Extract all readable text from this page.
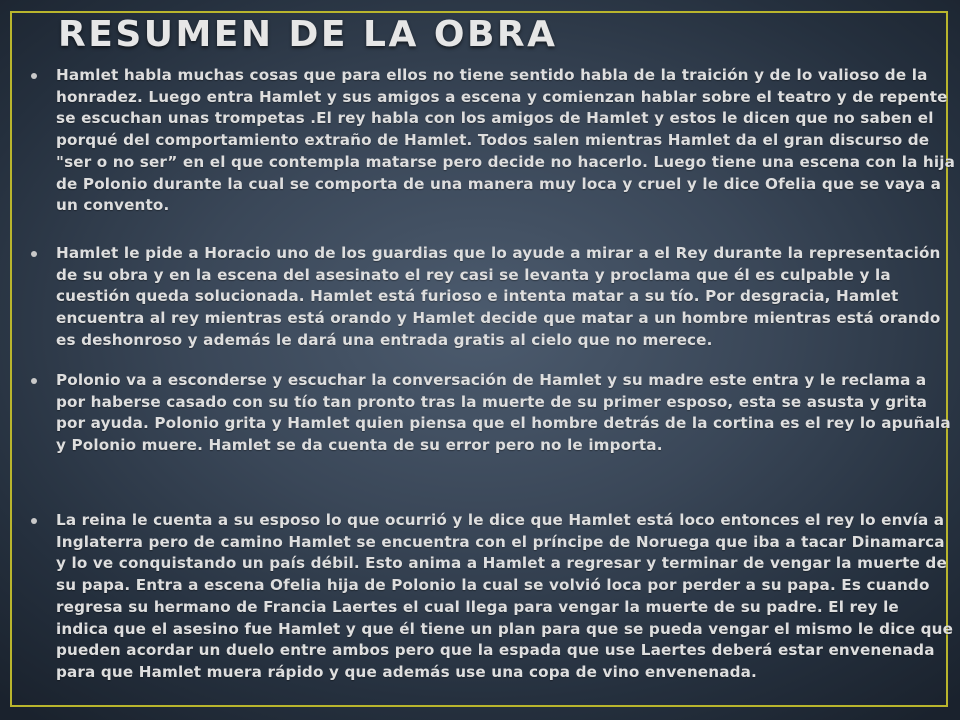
RESUMEN DE LA OBRA

Hamlet habla muchas cosas que para ellos no tiene sentido habla de la traición y de lo valioso de la honradez. Luego entra Hamlet y sus amigos a escena y comienzan hablar sobre el teatro y de repente se escuchan unas trompetas .El rey habla con los amigos de Hamlet y estos le dicen que no saben el porqué del comportamiento extraño de Hamlet. Todos salen mientras Hamlet da el gran discurso de "ser o no ser” en el que contempla matarse pero decide no hacerlo. Luego tiene una escena con la hija de Polonio durante la cual se comporta de una manera muy loca y cruel y le dice Ofelia que se vaya a un convento.

Hamlet le pide a Horacio uno de los guardias que lo ayude a mirar a el Rey durante la representación de su obra y en la escena del asesinato el rey casi se levanta y proclama que él es culpable y la cuestión queda solucionada. Hamlet está furioso e intenta matar a su tío. Por desgracia, Hamlet encuentra al rey mientras está orando y Hamlet decide que matar a un hombre mientras está orando es deshonroso y además le dará una entrada gratis al cielo que no merece.

Polonio va a esconderse y escuchar la conversación de Hamlet y su madre este entra y le reclama a por haberse casado con su tío tan pronto tras la muerte de su primer esposo, esta se asusta y grita por ayuda. Polonio grita y Hamlet quien piensa que el hombre detrás de la cortina es el rey lo apuñala y Polonio muere. Hamlet se da cuenta de su error pero no le importa.

La reina le cuenta a su esposo lo que ocurrió y le dice que Hamlet está loco entonces el rey lo envía a Inglaterra pero de camino Hamlet se encuentra con el príncipe de Noruega que iba a tacar Dinamarca y lo ve conquistando un país débil. Esto anima a Hamlet a regresar y terminar de vengar la muerte de su papa. Entra a escena Ofelia hija de Polonio la cual se volvió loca por perder a su papa. Es cuando regresa su hermano de Francia Laertes el cual llega para vengar la muerte de su padre. El rey le indica que el asesino fue Hamlet y que él tiene un plan para que se pueda vengar el mismo le dice que pueden acordar un duelo entre ambos pero que la espada que use Laertes deberá estar envenenada para que Hamlet muera rápido y que además use una copa de vino envenenada.
